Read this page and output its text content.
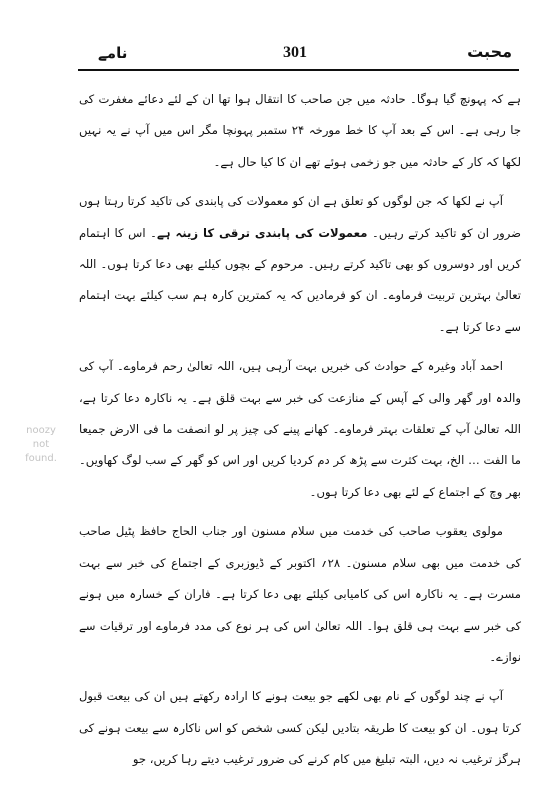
نامے	301	محبت
noozy
not
found.

ہے کہ پہونچ گیا ہوگا۔ حادثہ میں جن صاحب کا انتقال ہوا تھا ان کے لئے دعائے مغفرت کی جا رہی ہے۔ اس کے بعد آپ کا خط مورخہ ۲۴ ستمبر پہونچا مگر اس میں آپ نے یہ نہیں لکھا کہ کار کے حادثہ میں جو زخمی ہوئے تھے ان کا کیا حال ہے۔

آپ نے لکھا کہ جن لوگوں کو تعلق ہے ان کو معمولات کی پابندی کی تاکید کرتا رہتا ہوں ضرور ان کو تاکید کرتے رہیں۔ معمولات کی پابندی ترقی کا زینہ ہے۔ اس کا اہتمام کریں اور دوسروں کو بھی تاکید کرتے رہیں۔ مرحوم کے بچوں کیلئے بھی دعا کرتا ہوں۔ اللہ تعالیٰ بہترین تربیت فرماوے۔ ان کو فرمادیں کہ یہ کمترین کارہ ہم سب کیلئے بہت اہتمام سے دعا کرتا ہے۔

احمد آباد وغیرہ کے حوادث کی خبریں بہت آرہی ہیں، اللہ تعالیٰ رحم فرماوے۔ آپ کی والدہ اور گھر والی کے آپس کے منازعت کی خبر سے بہت قلق ہے۔ یہ ناکارہ دعا کرتا ہے، اللہ تعالیٰ آپ کے تعلقات بہتر فرماوے۔ کھانے پینے کی چیز پر لو انصفت ما فی الارض جمیعا ما الفت … الخ، بہت کثرت سے پڑھ کر دم کردیا کریں اور اس کو گھر کے سب لوگ کھاویں۔ بھر وچ کے اجتماع کے لئے بھی دعا کرتا ہوں۔

مولوی یعقوب صاحب کی خدمت میں سلام مسنون اور جناب الحاج حافظ پٹیل صاحب کی خدمت میں بھی سلام مسنون۔ ۲۸؍ اکتوبر کے ڈیوزبری کے اجتماع کی خبر سے بہت مسرت ہے۔ یہ ناکارہ اس کی کامیابی کیلئے بھی دعا کرتا ہے۔ فاران کے خسارہ میں ہونے کی خبر سے بہت ہی قلق ہوا۔ اللہ تعالیٰ اس کی ہر نوع کی مدد فرماوے اور ترقیات سے نوازے۔

آپ نے چند لوگوں کے نام بھی لکھے جو بیعت ہونے کا ارادہ رکھتے ہیں ان کی بیعت قبول کرتا ہوں۔ ان کو بیعت کا طریقہ بتادیں لیکن کسی شخص کو اس ناکارہ سے بیعت ہونے کی ہرگز ترغیب نہ دیں، البتہ تبلیغ میں کام کرنے کی ضرور ترغیب دیتے رہا کریں، جو
